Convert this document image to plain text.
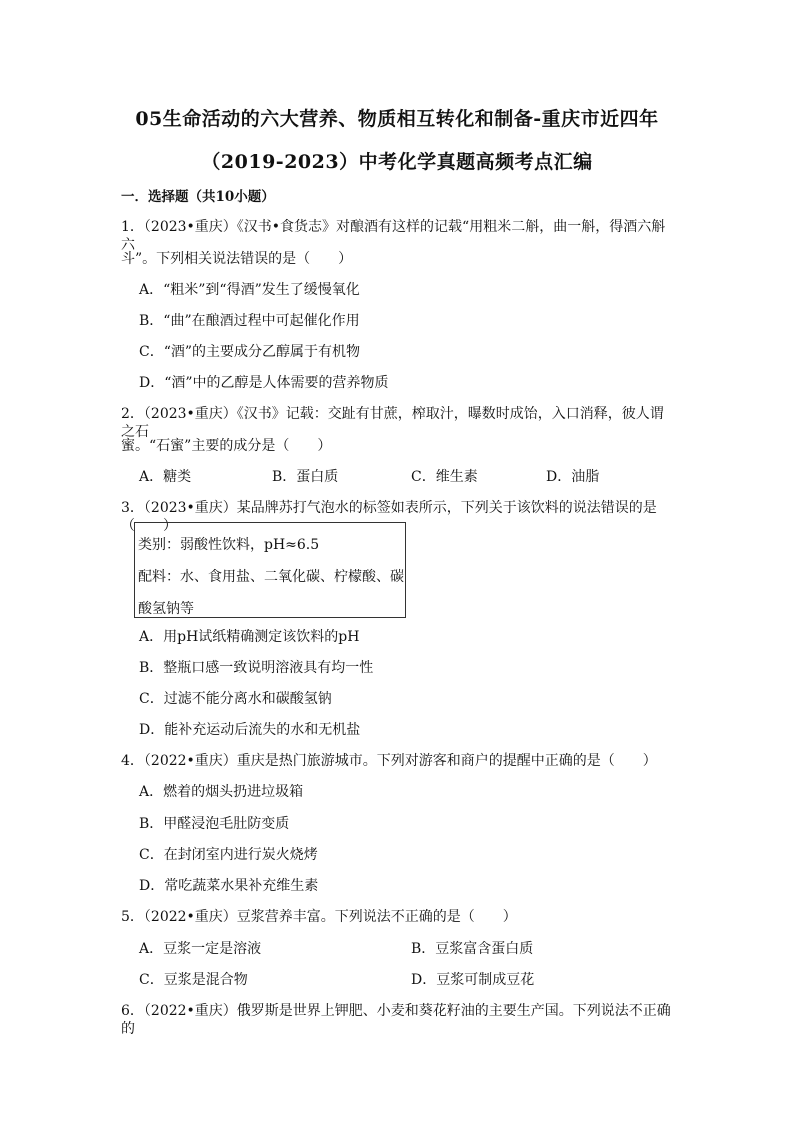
05生命活动的六大营养、物质相互转化和制备-重庆市近四年
（2019-2023）中考化学真题高频考点汇编
一．选择题（共10小题）
1．（2023•重庆）《汉书•食货志》对酿酒有这样的记载“用粗米二斛，曲一斛，得酒六斛六
斗”。下列相关说法错误的是（　　）
A．“粗米”到“得酒”发生了缓慢氧化
B．“曲”在酿酒过程中可起催化作用
C．“酒”的主要成分乙醇属于有机物
D．“酒”中的乙醇是人体需要的营养物质
2．（2023•重庆）《汉书》记载：交趾有甘蔗，榨取汁，曝数时成饴，入口消释，彼人谓之石
蜜。“石蜜”主要的成分是（　　）
A．糖类	B．蛋白质	C．维生素	D．油脂
3．（2023•重庆）某品牌苏打气泡水的标签如表所示，下列关于该饮料的说法错误的是（　　）
类别：弱酸性饮料，pH≈6.5
配料：水、食用盐、二氧化碳、柠檬酸、碳
酸氢钠等
A．用pH试纸精确测定该饮料的pH
B．整瓶口感一致说明溶液具有均一性
C．过滤不能分离水和碳酸氢钠
D．能补充运动后流失的水和无机盐
4．（2022•重庆）重庆是热门旅游城市。下列对游客和商户的提醒中正确的是（　　）
A．燃着的烟头扔进垃圾箱
B．甲醛浸泡毛肚防变质
C．在封闭室内进行炭火烧烤
D．常吃蔬菜水果补充维生素
5．（2022•重庆）豆浆营养丰富。下列说法不正确的是（　　）
A．豆浆一定是溶液	B．豆浆富含蛋白质
C．豆浆是混合物	D．豆浆可制成豆花
6．（2022•重庆）俄罗斯是世界上钾肥、小麦和葵花籽油的主要生产国。下列说法不正确的
